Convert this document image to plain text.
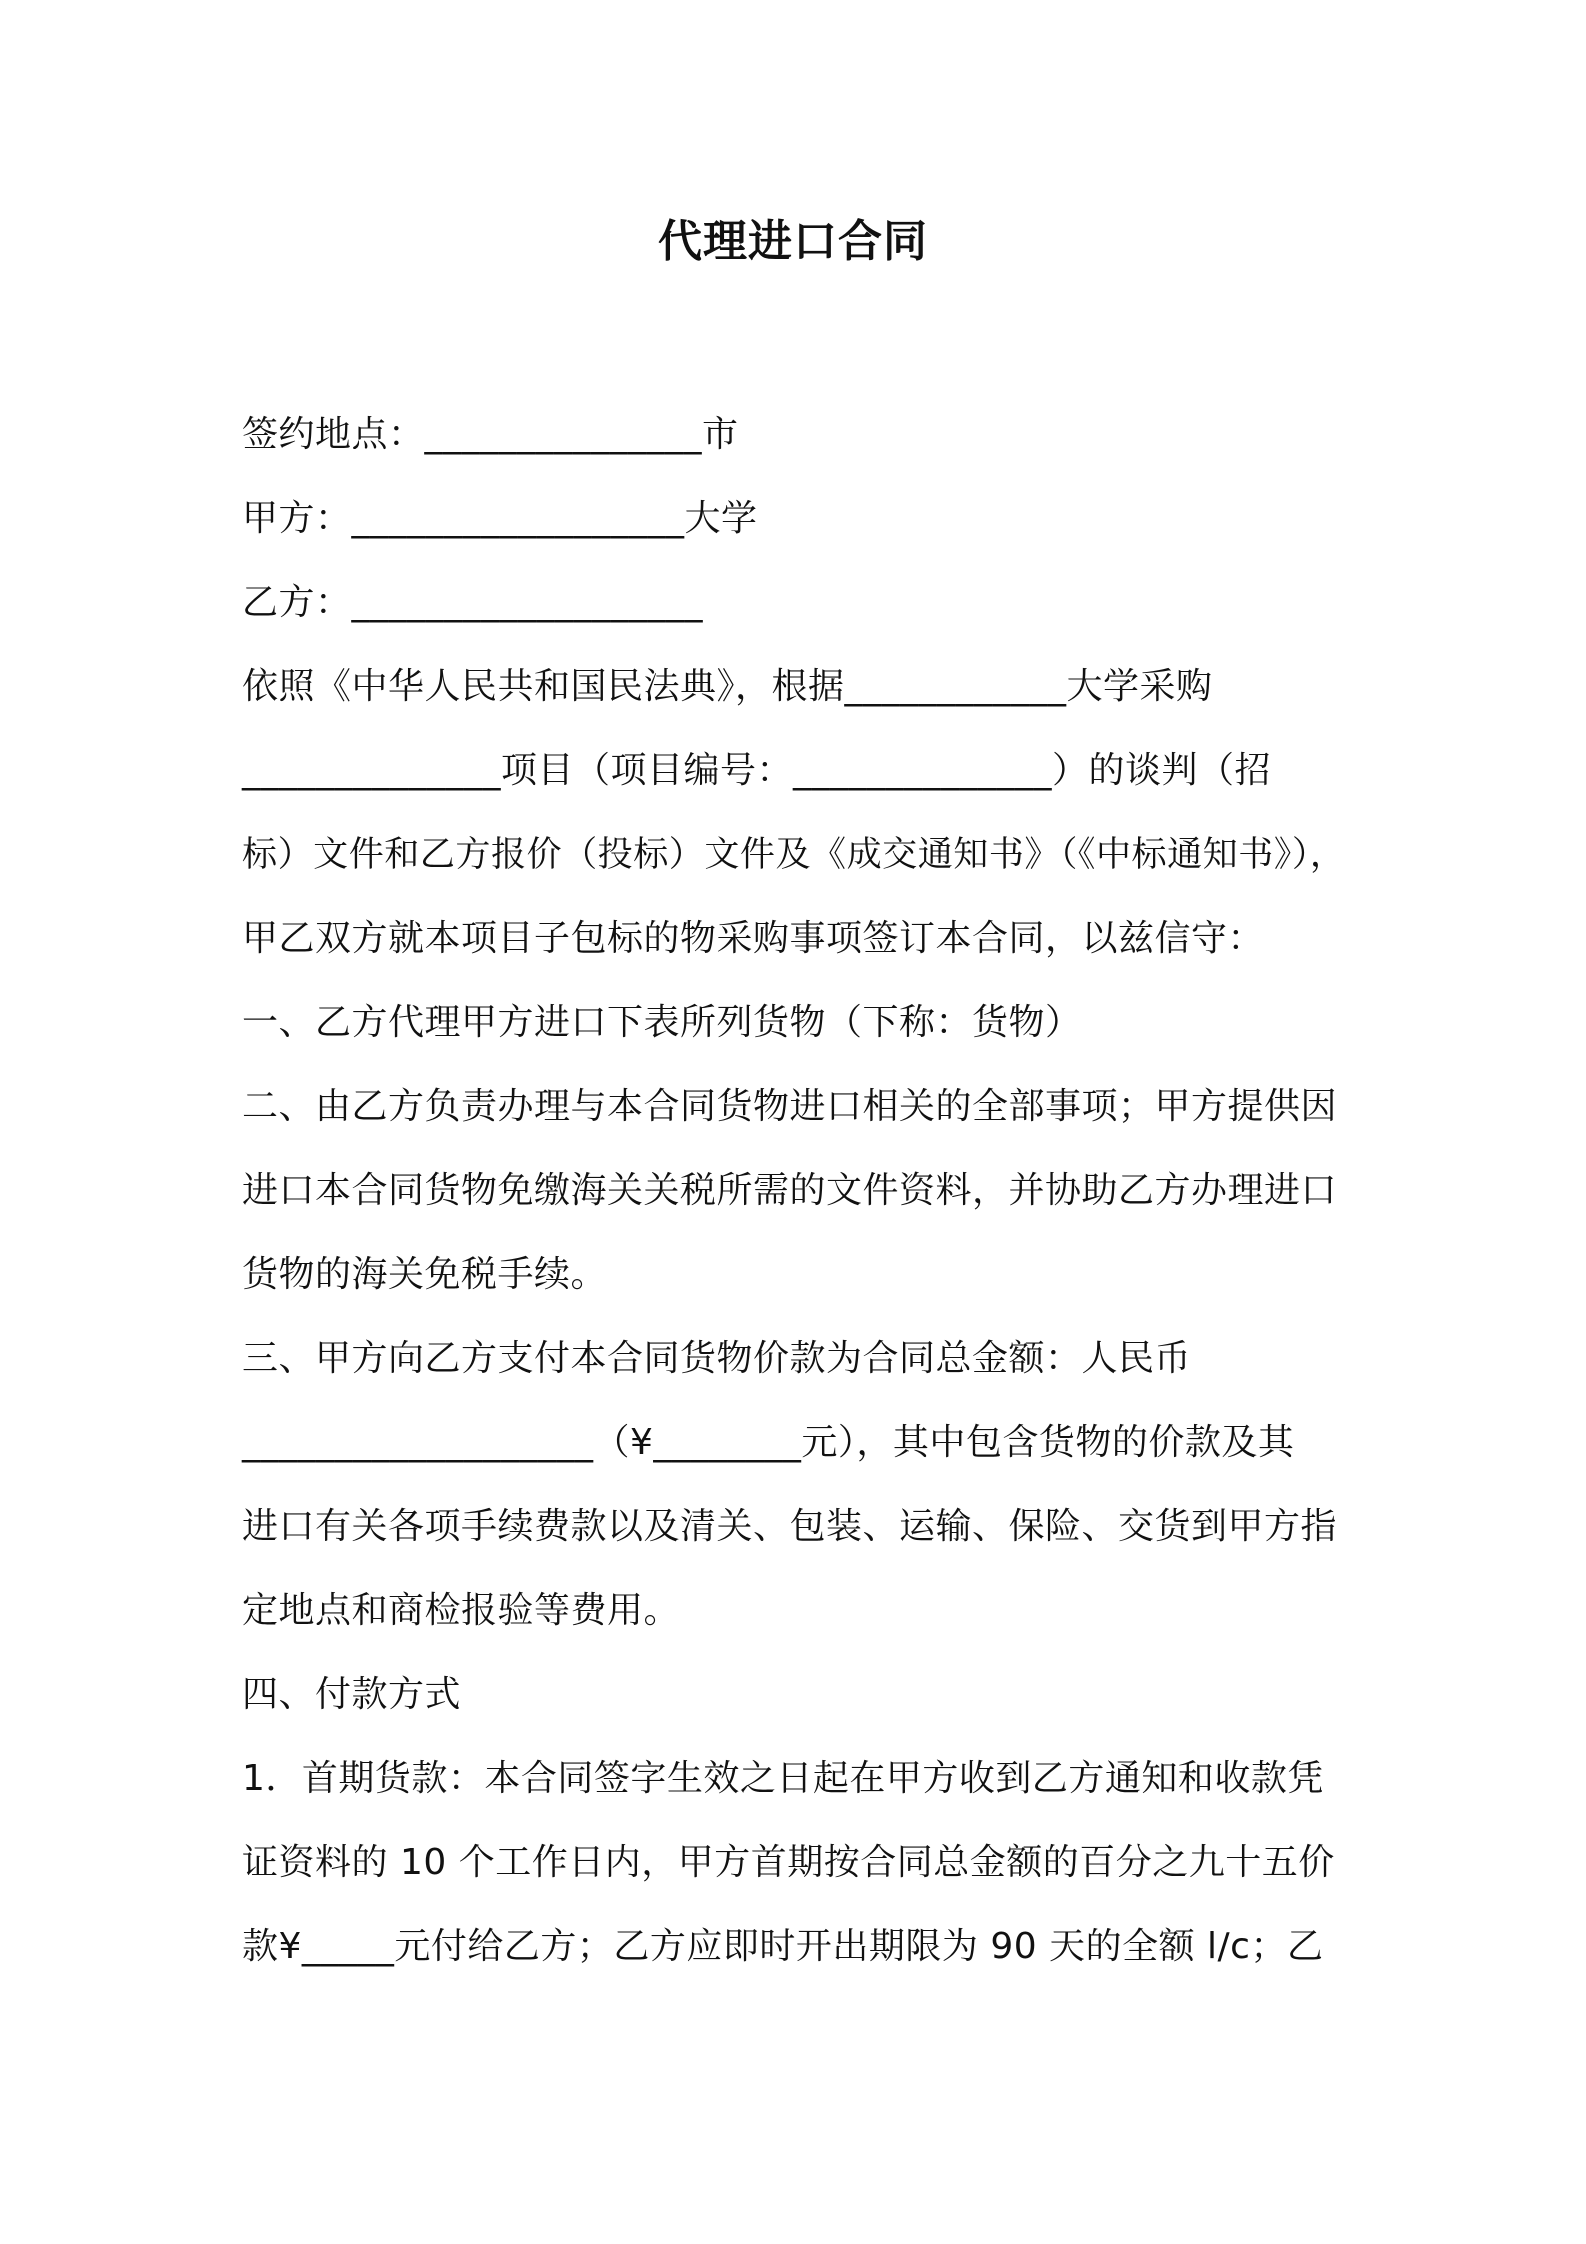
代理进口合同
签约地点：_______________市
甲方：__________________大学
乙方：___________________
依照《中华人民共和国民法典》，根据____________大学采购
______________项目（项目编号：______________）的谈判（招
标）文件和乙方报价（投标）文件及《成交通知书》（《中标通知书》），
甲乙双方就本项目子包标的物采购事项签订本合同，以兹信守：
一、乙方代理甲方进口下表所列货物（下称：货物）
二、由乙方负责办理与本合同货物进口相关的全部事项；甲方提供因
进口本合同货物免缴海关关税所需的文件资料，并协助乙方办理进口
货物的海关免税手续。
三、甲方向乙方支付本合同货物价款为合同总金额：人民币
___________________（¥________元），其中包含货物的价款及其
进口有关各项手续费款以及清关、包装、运输、保险、交货到甲方指
定地点和商检报验等费用。
四、付款方式
1．首期货款：本合同签字生效之日起在甲方收到乙方通知和收款凭
证资料的 10 个工作日内，甲方首期按合同总金额的百分之九十五价
款¥_____元付给乙方；乙方应即时开出期限为 90 天的全额 l/c；乙
